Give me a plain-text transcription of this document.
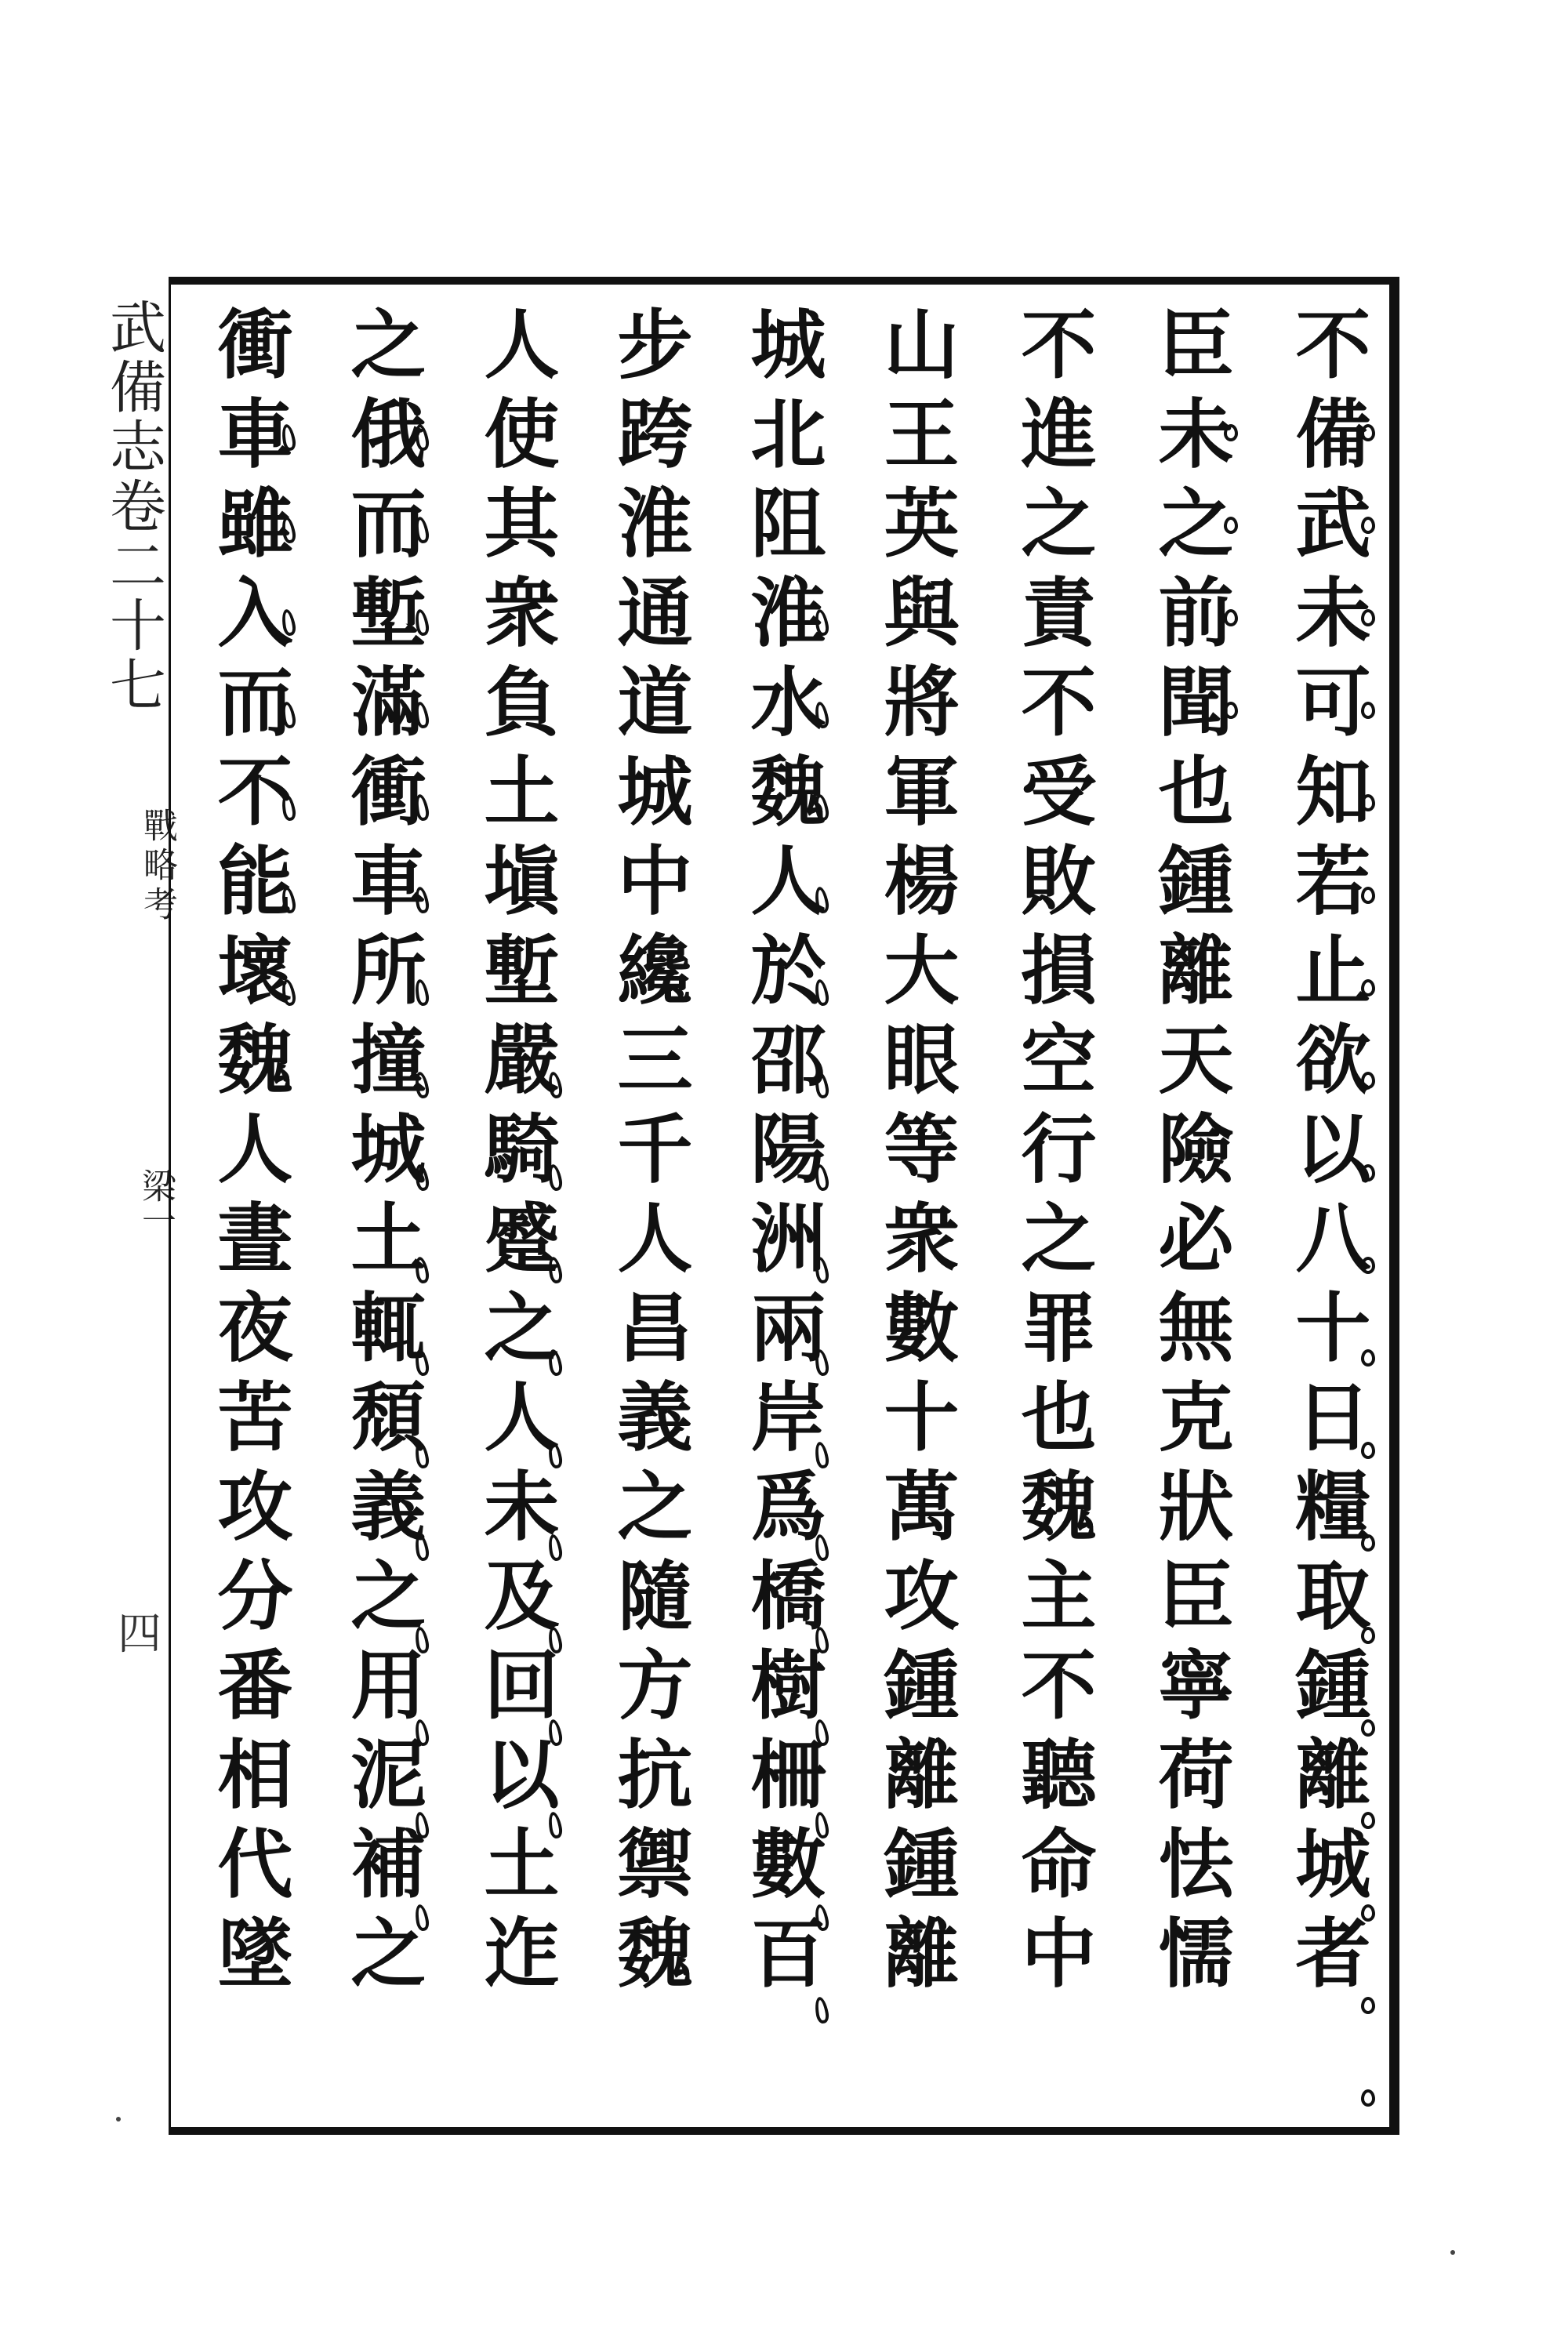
武備志卷二十七
戰略考
梁一
四	不備武未可知若止欲以八十日糧取鍾離城者
臣未之前聞也鍾離天險必無克狀臣寧荷怯懦
不進之責不受敗損空行之罪也魏主不聽命中
山王英與將軍楊大眼等衆數十萬攻鍾離鍾離
城北阻淮水魏人於邵陽洲兩岸爲橋樹柵數百
步跨淮通道城中纔三千人昌義之隨方抗禦魏
人使其衆負土塡塹嚴騎蹙之人未及回以土迮
之俄而塹滿衝車所撞城土輒頹義之用泥補之
衝車雖入而不能壞魏人晝夜苦攻分番相代墜
